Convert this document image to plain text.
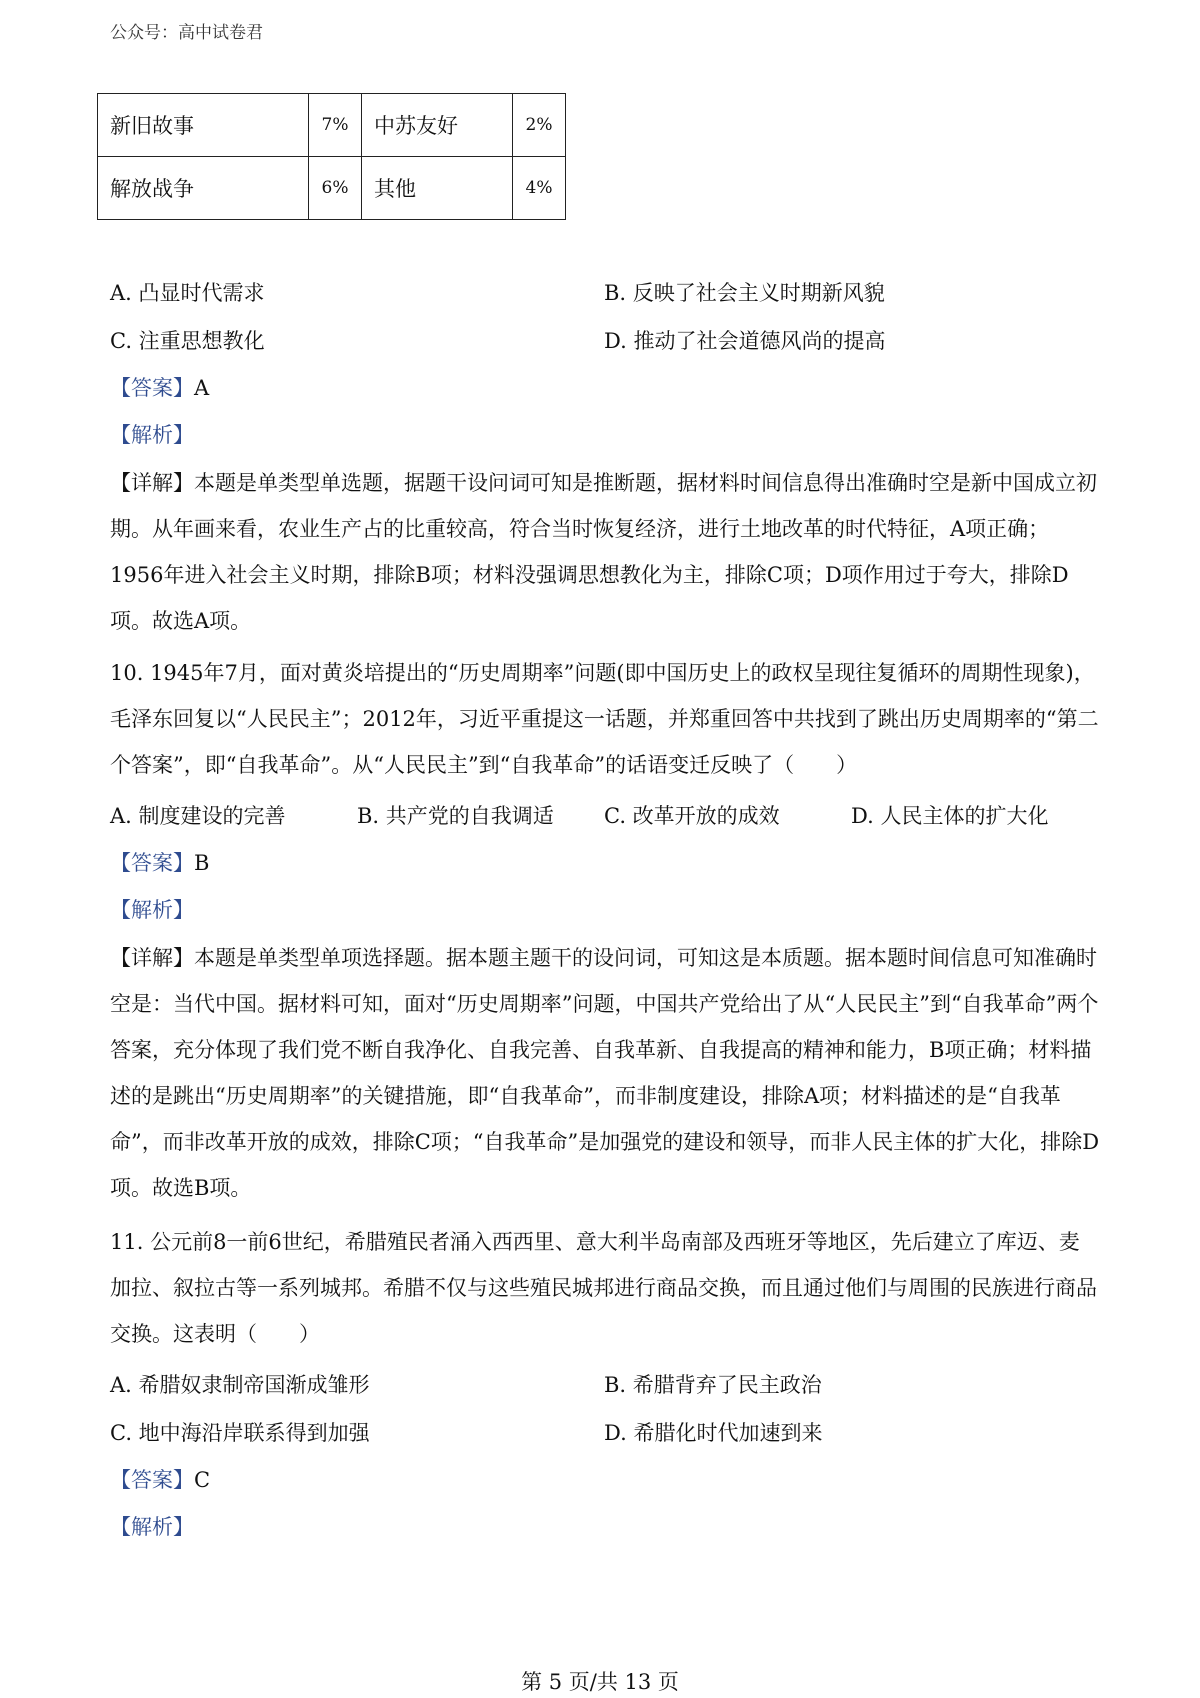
公众号：高中试卷君
新旧故事	7%	中苏友好	2%
解放战争	6%	其他	4%
A. 凸显时代需求	B. 反映了社会主义时期新风貌
C. 注重思想教化	D. 推动了社会道德风尚的提高
【答案】A
【解析】
【详解】本题是单类型单选题，据题干设问词可知是推断题，据材料时间信息得出准确时空是新中国成立初期。从年画来看，农业生产占的比重较高，符合当时恢复经济，进行土地改革的时代特征，A项正确；1956年进入社会主义时期，排除B项；材料没强调思想教化为主，排除C项；D项作用过于夸大，排除D项。故选A项。
10. 1945年7月，面对黄炎培提出的“历史周期率”问题(即中国历史上的政权呈现往复循环的周期性现象)，毛泽东回复以“人民民主”；2012年，习近平重提这一话题，并郑重回答中共找到了跳出历史周期率的“第二个答案”，即“自我革命”。从“人民民主”到“自我革命”的话语变迁反映了（　　）
A. 制度建设的完善	B. 共产党的自我调适 C. 改革开放的成效	D. 人民主体的扩大化
【答案】B
【解析】
【详解】本题是单类型单项选择题。据本题主题干的设问词，可知这是本质题。据本题时间信息可知准确时空是：当代中国。据材料可知，面对“历史周期率”问题，中国共产党给出了从“人民民主”到“自我革命”两个答案，充分体现了我们党不断自我净化、自我完善、自我革新、自我提高的精神和能力，B项正确；材料描述的是跳出“历史周期率”的关键措施，即“自我革命”，而非制度建设，排除A项；材料描述的是“自我革命”，而非改革开放的成效，排除C项；“自我革命”是加强党的建设和领导，而非人民主体的扩大化，排除D项。故选B项。
11. 公元前8一前6世纪，希腊殖民者涌入西西里、意大利半岛南部及西班牙等地区，先后建立了库迈、麦加拉、叙拉古等一系列城邦。希腊不仅与这些殖民城邦进行商品交换，而且通过他们与周围的民族进行商品交换。这表明（　　）
A. 希腊奴隶制帝国渐成雏形	B. 希腊背弃了民主政治
C. 地中海沿岸联系得到加强	D. 希腊化时代加速到来
【答案】C
【解析】
第 5 页/共 13 页
